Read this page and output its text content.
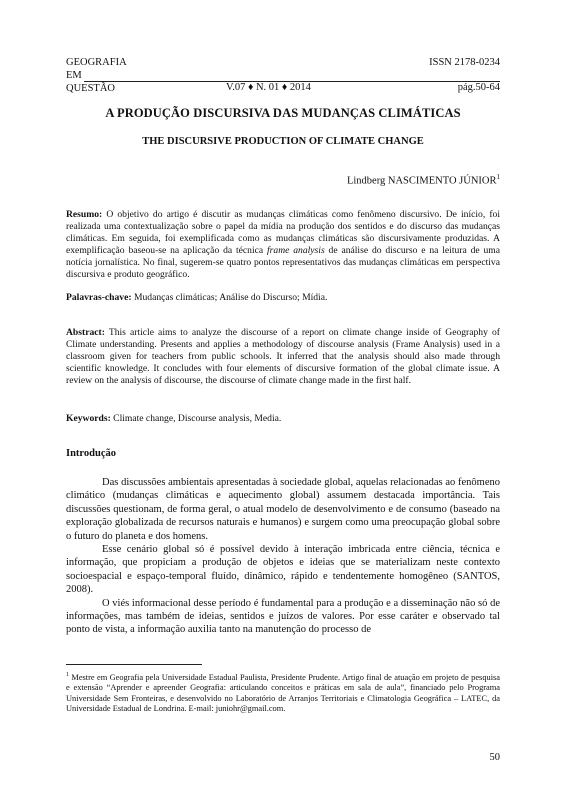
GEOGRAFIA
EM
QUESTÃO
ISSN 2178-0234
V.07 ♦ N. 01 ♦ 2014	pág.50-64
A PRODUÇÃO DISCURSIVA DAS MUDANÇAS CLIMÁTICAS
THE DISCURSIVE PRODUCTION OF CLIMATE CHANGE
Lindberg NASCIMENTO JÚNIOR$^1$
Resumo: O objetivo do artigo é discutir as mudanças climáticas como fenômeno discursivo. De início, foi realizada uma contextualização sobre o papel da mídia na produção dos sentidos e do discurso das mudanças climáticas. Em seguida, foi exemplificada como as mudanças climáticas são discursivamente produzidas. A exemplificação baseou-se na aplicação da técnica frame analysis de análise do discurso e na leitura de uma notícia jornalística. No final, sugerem-se quatro pontos representativos das mudanças climáticas em perspectiva discursiva e produto geográfico.
Palavras-chave: Mudanças climáticas; Análise do Discurso; Mídia.
Abstract: This article aims to analyze the discourse of a report on climate change inside of Geography of Climate understanding. Presents and applies a methodology of discourse analysis (Frame Analysis) used in a classroom given for teachers from public schools. It inferred that the analysis should also made through scientific knowledge. It concludes with four elements of discursive formation of the global climate issue. A review on the analysis of discourse, the discourse of climate change made in the first half.
Keywords: Climate change, Discourse analysis, Media.
Introdução

Das discussões ambientais apresentadas à sociedade global, aquelas relacionadas ao fenômeno climático (mudanças climáticas e aquecimento global) assumem destacada importância. Tais discussões questionam, de forma geral, o atual modelo de desenvolvimento e de consumo (baseado na exploração globalizada de recursos naturais e humanos) e surgem como uma preocupação global sobre o futuro do planeta e dos homens.

Esse cenário global só é possível devido à interação imbricada entre ciência, técnica e informação, que propiciam a produção de objetos e ideias que se materializam neste contexto socioespacial e espaço-temporal fluído, dinâmico, rápido e tendentemente homogêneo (SANTOS, 2008).

O viés informacional desse período é fundamental para a produção e a disseminação não só de informações, mas também de ideias, sentidos e juízos de valores. Por esse caráter e observado tal ponto de vista, a informação auxilia tanto na manutenção do processo de

$^1$ Mestre em Geografia pela Universidade Estadual Paulista, Presidente Prudente. Artigo final de atuação em projeto de pesquisa e extensão “Aprender e apreender Geografia: articulando conceitos e práticas em sala de aula”, financiado pelo Programa Universidade Sem Fronteiras, e desenvolvido no Laboratório de Arranjos Territoriais e Climatologia Geográfica – LATEC, da Universidade Estadual de Londrina. E-mail: juniohr@gmail.com.
50
